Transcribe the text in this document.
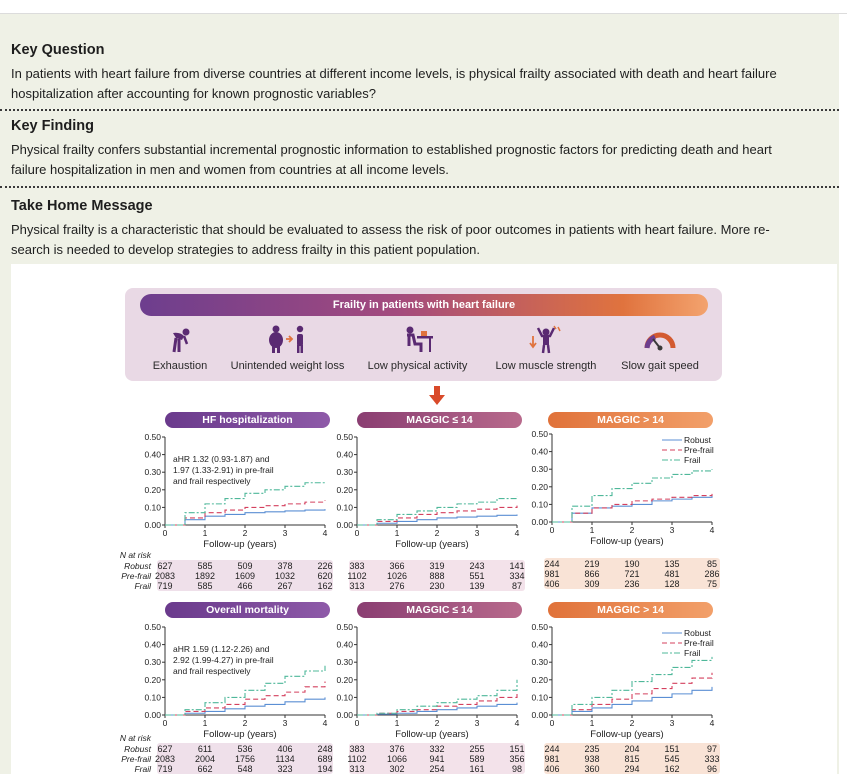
Key Question

In patients with heart failure from diverse countries at different income levels, is physical frailty associated with death and heart failure

hospitalization after accounting for known prognostic variables?

Key Finding

Physical frailty confers substantial incremental prognostic information to established prognostic factors for predicting death and heart

failure hospitalization in men and women from countries at all income levels.

Take Home Message

Physical frailty is a characteristic that should be evaluated to assess the risk of poor outcomes in patients with heart failure. More re-

search is needed to develop strategies to address frailty in this patient population.

Frailty in patients with heart failure
Exhaustion	Unintended weight loss	Low physical activity	Low muscle strength	Slow gait speed
HF hospitalization	MAGGIC ≤ 14	MAGGIC > 14
Overall mortality	MAGGIC ≤ 14	MAGGIC > 14
0.00
0.10
0.20
0.30
0.40
0.50
0	1	2	3	4
Follow-up (years)
aHR 1.32 (0.93-1.87) and
1.97 (1.33-2.91) in pre-frail
and frail respectively
627	585	509	378	226
Robust
2083	1892	1609	1032	620
Pre-frail
719	585	466	267	162
Frail
N at risk
0.00
0.10
0.20
0.30
0.40
0.50
0	1	2	3	4
Follow-up (years)
383	366	319	243	141
1102	1026	888	551	334
313	276	230	139	87
0.00
0.10
0.20
0.30
0.40
0.50
0	1	2	3	4
Follow-up (years)
Robust
Pre-frail
Frail
244	219	190	135	85
981	866	721	481	286
406	309	236	128	75
0.00
0.10
0.20
0.30
0.40
0.50
0	1	2	3	4
Follow-up (years)
aHR 1.59 (1.12-2.26) and
2.92 (1.99-4.27) in pre-frail
and frail respectively
627	611	536	406	248
Robust
2083	2004	1756	1134	689
Pre-frail
719	662	548	323	194
Frail
N at risk
0.00
0.10
0.20
0.30
0.40
0.50
0	1	2	3	4
Follow-up (years)
383	376	332	255	151
1102	1066	941	589	356
313	302	254	161	98
0.00
0.10
0.20
0.30
0.40
0.50
0	1	2	3	4
Follow-up (years)
Robust
Pre-frail
Frail
244	235	204	151	97
981	938	815	545	333
406	360	294	162	96
